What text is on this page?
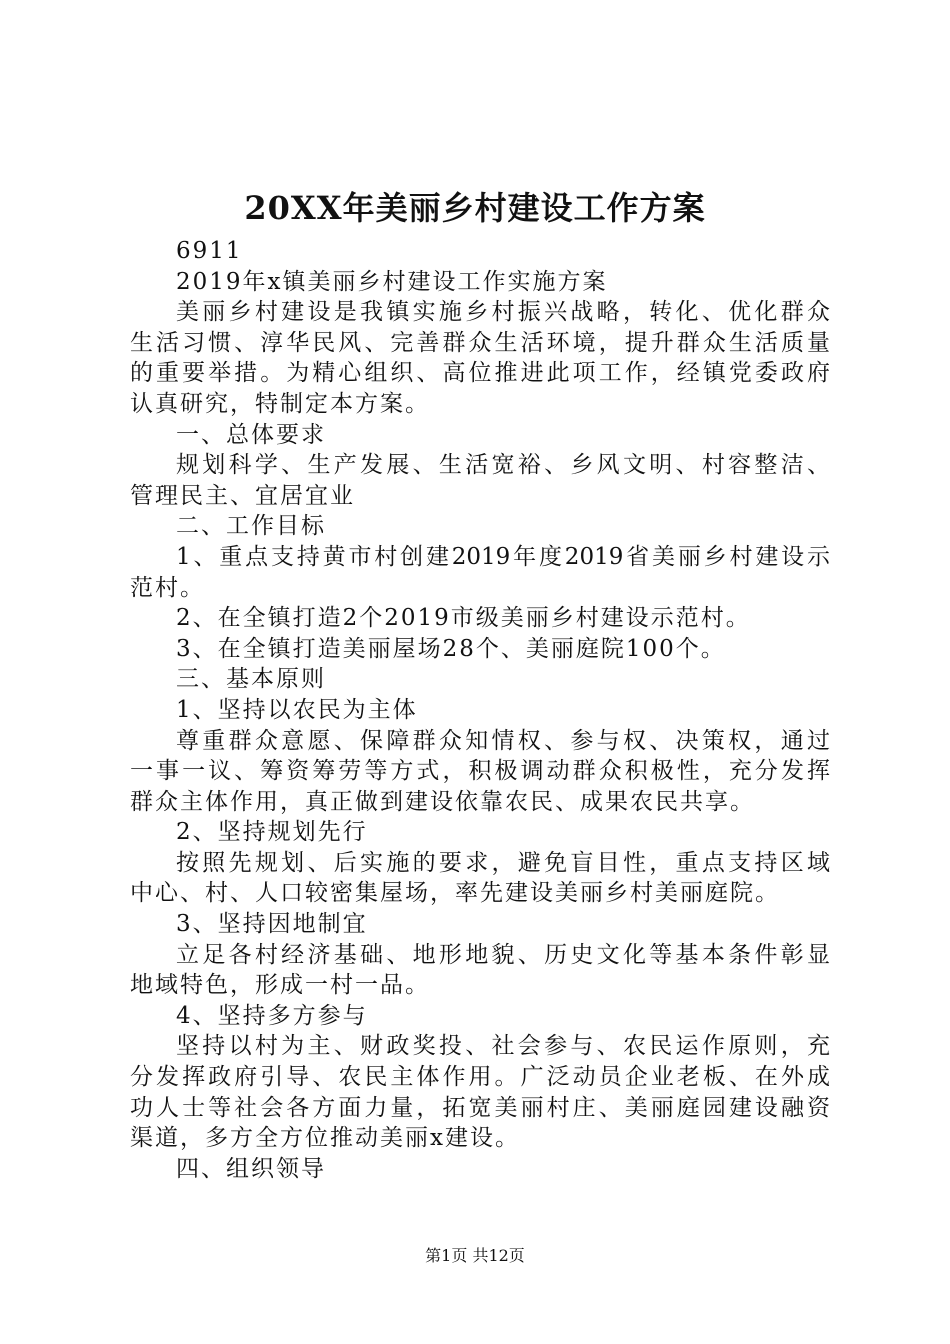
20XX年美丽乡村建设工作方案

6911

2019年x镇美丽乡村建设工作实施方案

美丽乡村建设是我镇实施乡村振兴战略，转化、优化群众

生活习惯、淳华民风、完善群众生活环境，提升群众生活质量

的重要举措。为精心组织、高位推进此项工作，经镇党委政府

认真研究，特制定本方案。

一、总体要求

规划科学、生产发展、生活宽裕、乡风文明、村容整洁、

管理民主、宜居宜业

二、工作目标

1、重点支持黄市村创建2019年度2019省美丽乡村建设示

范村。

2、在全镇打造2个2019市级美丽乡村建设示范村。

3、在全镇打造美丽屋场28个、美丽庭院100个。

三、基本原则

1、坚持以农民为主体

尊重群众意愿、保障群众知情权、参与权、决策权，通过

一事一议、筹资筹劳等方式，积极调动群众积极性，充分发挥

群众主体作用，真正做到建设依靠农民、成果农民共享。

2、坚持规划先行

按照先规划、后实施的要求，避免盲目性，重点支持区域

中心、村、人口较密集屋场，率先建设美丽乡村美丽庭院。

3、坚持因地制宜

立足各村经济基础、地形地貌、历史文化等基本条件彰显

地域特色，形成一村一品。

4、坚持多方参与

坚持以村为主、财政奖投、社会参与、农民运作原则，充

分发挥政府引导、农民主体作用。广泛动员企业老板、在外成

功人士等社会各方面力量，拓宽美丽村庄、美丽庭园建设融资

渠道，多方全方位推动美丽x建设。

四、组织领导

第1页 共12页
